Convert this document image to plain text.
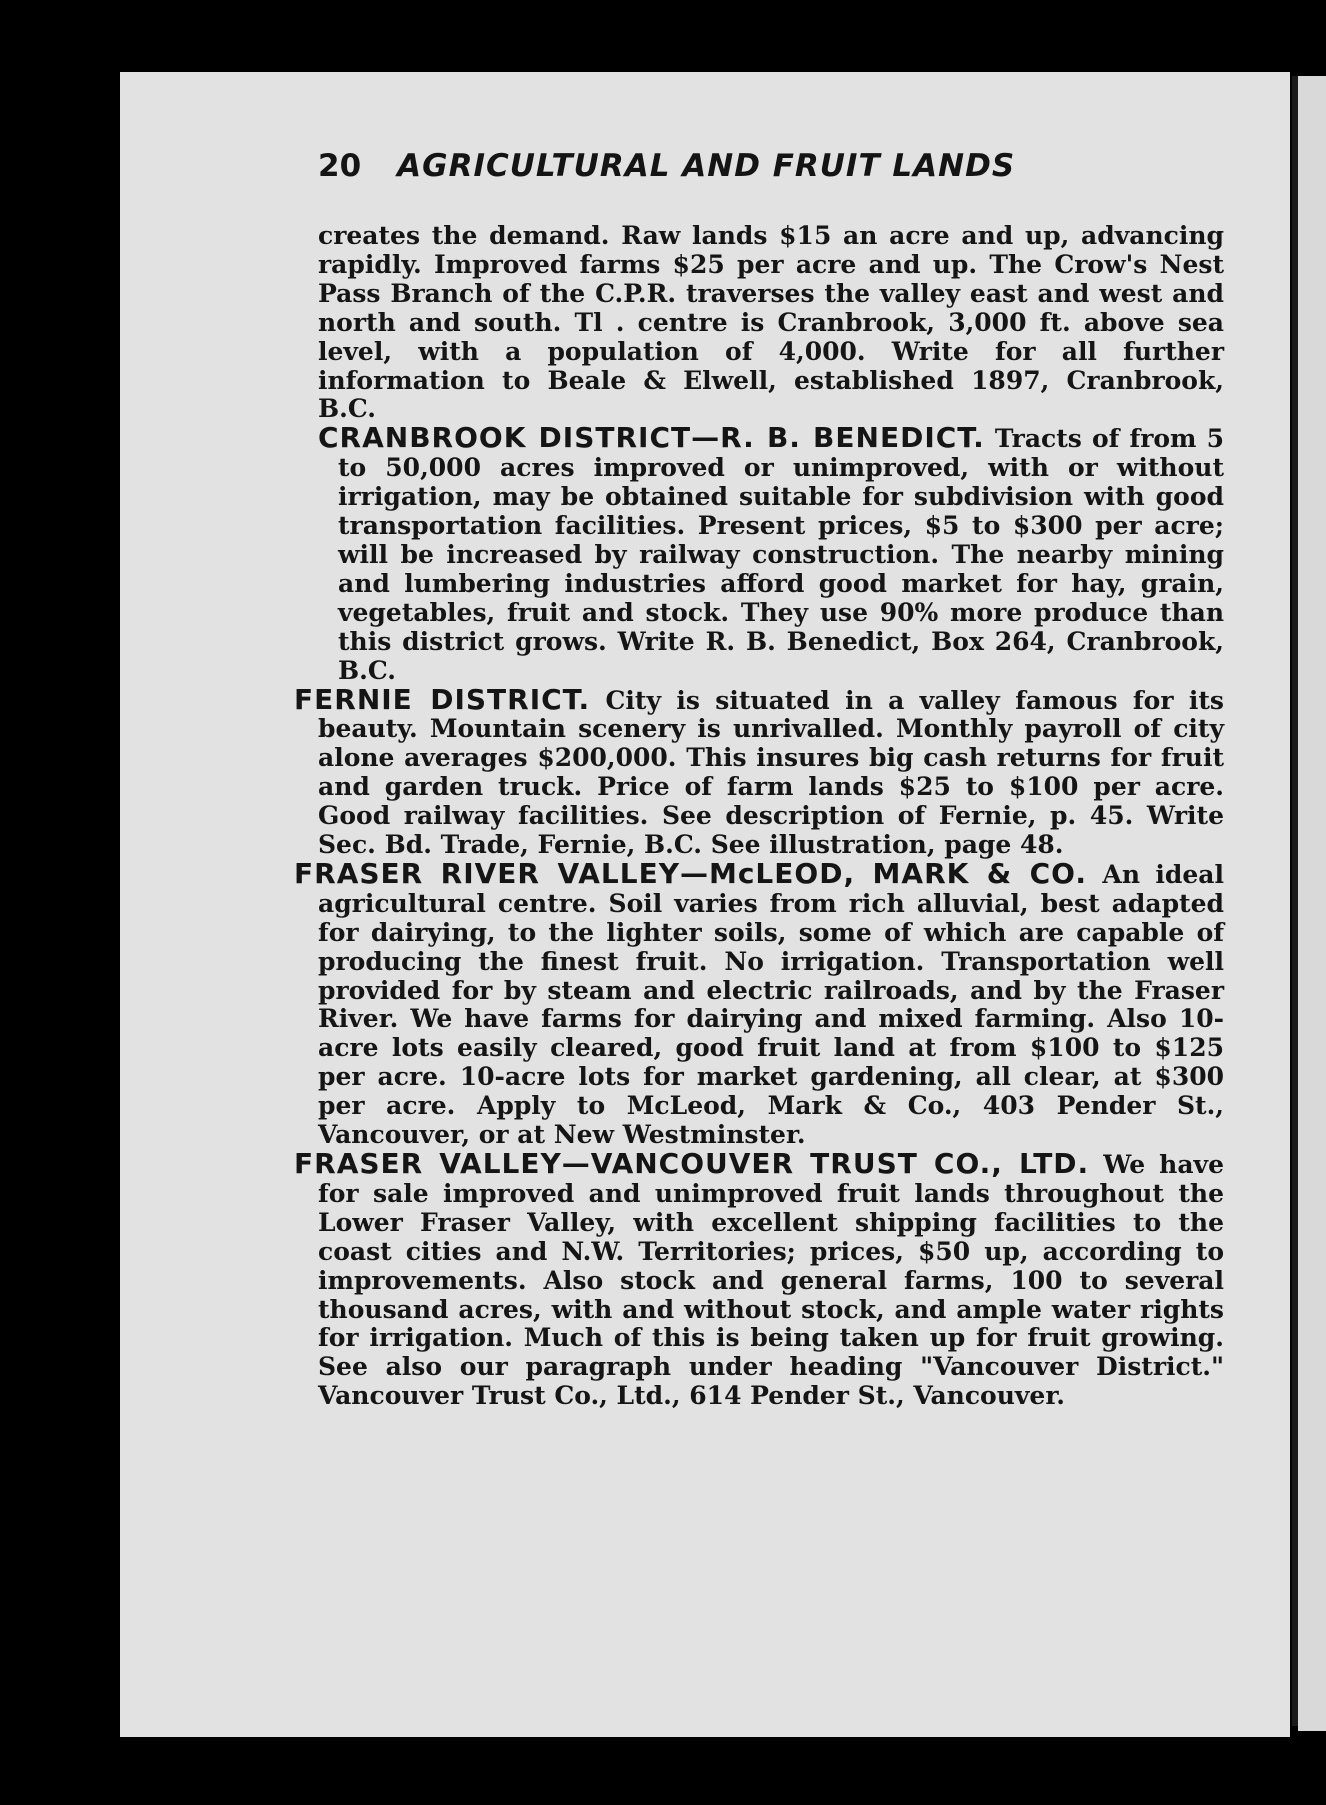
20 AGRICULTURAL AND FRUIT LANDS

creates the demand. Raw lands $15 an acre and up, advancing rapidly. Improved farms $25 per acre and up. The Crow's Nest Pass Branch of the C.P.R. traverses the valley east and west and north and south. Tl . centre is Cranbrook, 3,000 ft. above sea level, with a population of 4,000. Write for all further information to Beale & Elwell, established 1897, Cranbrook, B.C.

CRANBROOK DISTRICT—R. B. BENEDICT. Tracts of from 5 to 50,000 acres improved or unimproved, with or without irrigation, may be obtained suitable for subdivision with good transportation facilities. Present prices, $5 to $300 per acre; will be increased by railway construction. The nearby mining and lumbering industries afford good market for hay, grain, vegetables, fruit and stock. They use 90% more produce than this district grows. Write R. B. Benedict, Box 264, Cranbrook, B.C.

FERNIE DISTRICT. City is situated in a valley famous for its beauty. Mountain scenery is unrivalled. Monthly payroll of city alone averages $200,000. This insures big cash returns for fruit and garden truck. Price of farm lands $25 to $100 per acre. Good railway facilities. See description of Fernie, p. 45. Write Sec. Bd. Trade, Fernie, B.C. See illustration, page 48.

FRASER RIVER VALLEY—McLEOD, MARK & CO. An ideal agricultural centre. Soil varies from rich alluvial, best adapted for dairying, to the lighter soils, some of which are capable of producing the finest fruit. No irrigation. Transportation well provided for by steam and electric railroads, and by the Fraser River. We have farms for dairying and mixed farming. Also 10-acre lots easily cleared, good fruit land at from $100 to $125 per acre. 10-acre lots for market gardening, all clear, at $300 per acre. Apply to McLeod, Mark & Co., 403 Pender St., Vancouver, or at New Westminster.

FRASER VALLEY—VANCOUVER TRUST CO., LTD. We have for sale improved and unimproved fruit lands throughout the Lower Fraser Valley, with excellent shipping facilities to the coast cities and N.W. Territories; prices, $50 up, according to improvements. Also stock and general farms, 100 to several thousand acres, with and without stock, and ample water rights for irrigation. Much of this is being taken up for fruit growing. See also our paragraph under heading "Vancouver District." Vancouver Trust Co., Ltd., 614 Pender St., Vancouver.
